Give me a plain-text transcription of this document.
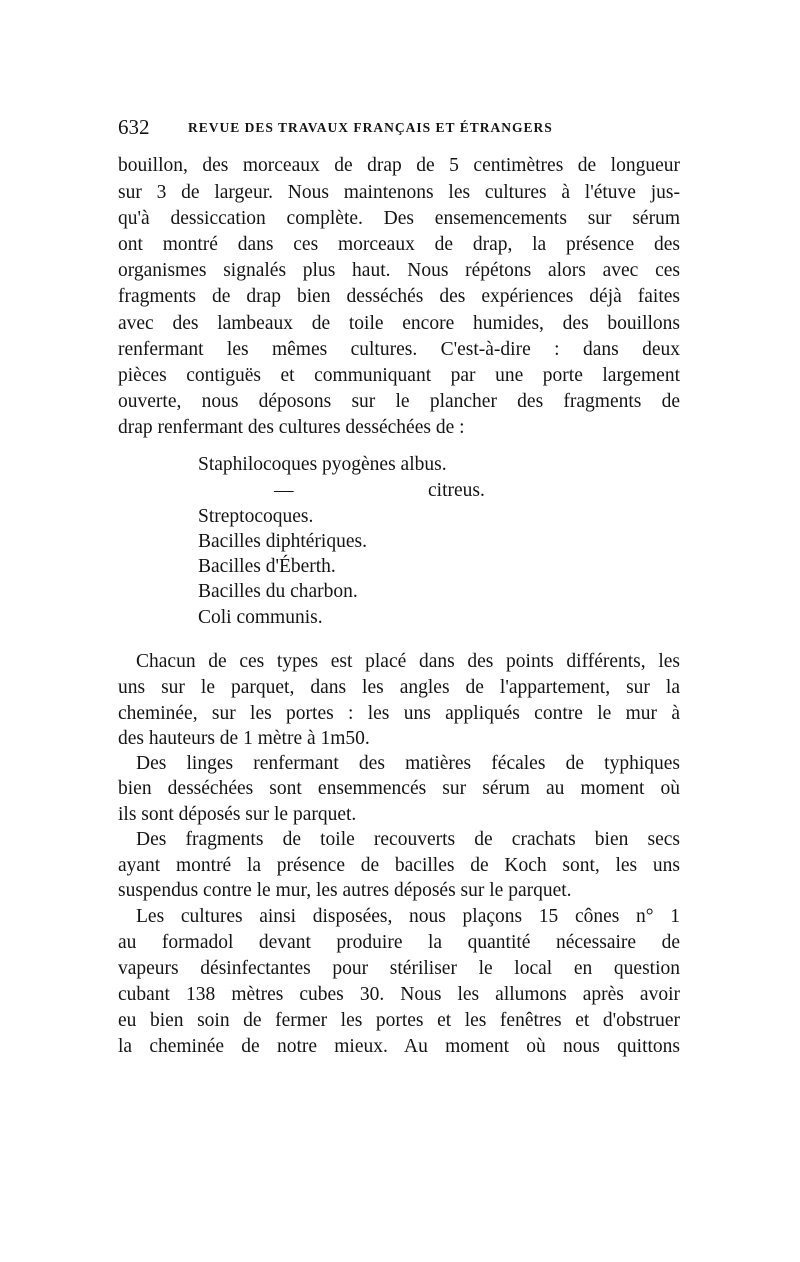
632	REVUE DES TRAVAUX FRANÇAIS ET ÉTRANGERS
bouillon, des morceaux de drap de 5 centimètres de longueur
sur 3 de largeur. Nous maintenons les cultures à l'étuve jus-
qu'à dessiccation complète. Des ensemencements sur sérum
ont montré dans ces morceaux de drap, la présence des
organismes signalés plus haut. Nous répétons alors avec ces
fragments de drap bien desséchés des expériences déjà faites
avec des lambeaux de toile encore humides, des bouillons
renfermant les mêmes cultures. C'est-à-dire : dans deux
pièces contiguës et communiquant par une porte largement
ouverte, nous déposons sur le plancher des fragments de
drap renfermant des cultures desséchées de :
Staphilocoques pyogènes albus.
—	citreus.
Streptocoques.
Bacilles diphtériques.
Bacilles d'Éberth.
Bacilles du charbon.
Coli communis.
Chacun de ces types est placé dans des points différents, les
uns sur le parquet, dans les angles de l'appartement, sur la
cheminée, sur les portes : les uns appliqués contre le mur à
des hauteurs de 1 mètre à 1m50.
Des linges renfermant des matières fécales de typhiques
bien desséchées sont ensemmencés sur sérum au moment où
ils sont déposés sur le parquet.
Des fragments de toile recouverts de crachats bien secs
ayant montré la présence de bacilles de Koch sont, les uns
suspendus contre le mur, les autres déposés sur le parquet.
Les cultures ainsi disposées, nous plaçons 15 cônes n° 1
au formadol devant produire la quantité nécessaire de
vapeurs désinfectantes pour stériliser le local en question
cubant 138 mètres cubes 30. Nous les allumons après avoir
eu bien soin de fermer les portes et les fenêtres et d'obstruer
la cheminée de notre mieux. Au moment où nous quittons
